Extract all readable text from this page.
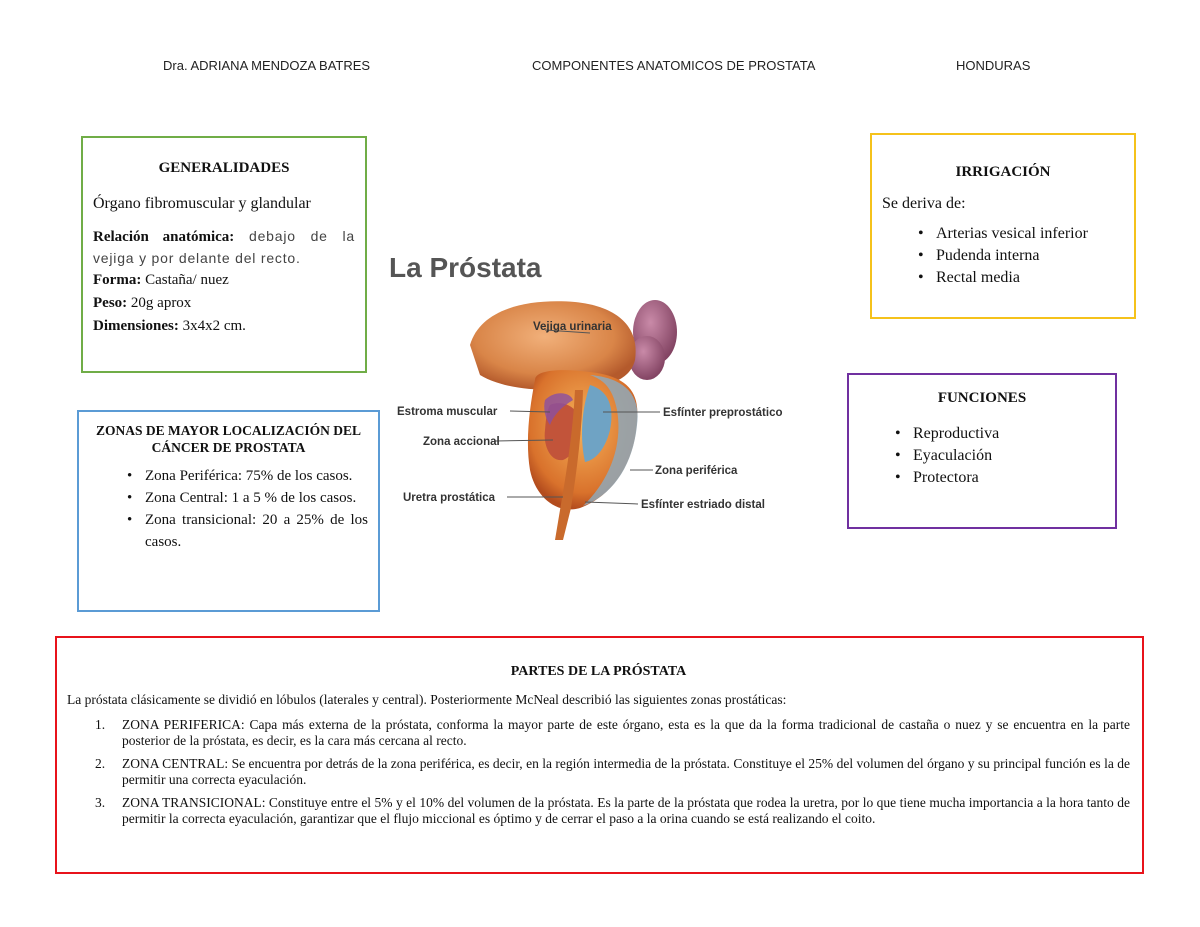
Dra. ADRIANA MENDOZA BATRES	COMPONENTES ANATOMICOS DE PROSTATA	HONDURAS
GENERALIDADES
Órgano fibromuscular y glandular
Relación anatómica: debajo de la vejiga y por delante del recto.
Forma: Castaña/ nuez
Peso: 20g aprox
Dimensiones: 3x4x2 cm.
ZONAS DE MAYOR LOCALIZACIÓN DEL CÁNCER DE PROSTATA
• Zona Periférica: 75% de los casos.
• Zona Central: 1 a 5 % de los casos.
• Zona transicional: 20 a 25% de los casos.
IRRIGACIÓN
Se deriva de:
• Arterias vesical inferior
• Pudenda interna
• Rectal media
FUNCIONES
• Reproductiva
• Eyaculación
• Protectora
La Próstata
Vejiga urinaria
Estroma muscular
Zona accional
Uretra prostática
Esfínter preprostático
Zona periférica
Esfínter estriado distal
PARTES DE LA PRÓSTATA
La próstata clásicamente se dividió en lóbulos (laterales y central). Posteriormente McNeal describió las siguientes zonas prostáticas:
1. ZONA PERIFERICA: Capa más externa de la próstata, conforma la mayor parte de este órgano, esta es la que da la forma tradicional de castaña o nuez y se encuentra en la parte posterior de la próstata, es decir, es la cara más cercana al recto.
2. ZONA CENTRAL: Se encuentra por detrás de la zona periférica, es decir, en la región intermedia de la próstata. Constituye el 25% del volumen del órgano y su principal función es la de permitir una correcta eyaculación.
3. ZONA TRANSICIONAL: Constituye entre el 5% y el 10% del volumen de la próstata. Es la parte de la próstata que rodea la uretra, por lo que tiene mucha importancia a la hora tanto de permitir la correcta eyaculación, garantizar que el flujo miccional es óptimo y de cerrar el paso a la orina cuando se está realizando el coito.
